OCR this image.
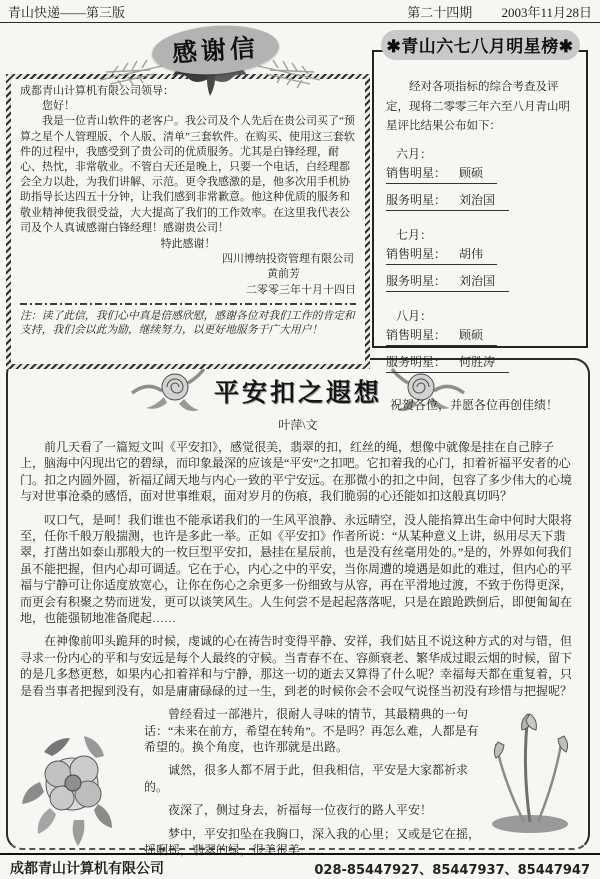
青山快递——第三版	第二十四期 2003年11月28日
感谢信

成都青山计算机有限公司领导：

您好！

我是一位青山软件的老客户。我公司及个人先后在贵公司买了“预算之星个人管理版、个人版、清单”三套软件。在购买、使用这三套软件的过程中，我感受到了贵公司的优质服务。尤其是白锋经理，耐心、热忱，非常敬业。不管白天还是晚上，只要一个电话，白经理都会全力以赴，为我们讲解、示范。更令我感激的是，他多次用手机协助指导长达四五十分钟，让我们感到非常歉意。他这种优质的服务和敬业精神使我很受益，大大提高了我们的工作效率。在这里我代表公司及个人真诚感谢白锋经理！感谢贵公司！

特此感谢！

四川博纳投资管理有限公司

黄前芳

二零零三年十月十四日

注：读了此信，我们心中真是倍感欣慰，感谢各位对我们工作的肯定和支持，我们会以此为励，继续努力，以更好地服务于广大用户！

✱青山六七八月明星榜✱

经对各项指标的综合考查及评定，现将二零零三年六至八月青山明星评比结果公布如下：

六月：
销售明星： 顾硕
服务明星： 刘治国
七月：
销售明星： 胡伟
服务明星： 刘治国
八月：
销售明星： 顾硕
服务明星： 何胜涛

祝贺各位，并愿各位再创佳绩！

平安扣之遐想

叶萍\文

前几天看了一篇短文叫《平安扣》，感觉很美，翡翠的扣，红丝的绳，想像中就像是挂在自己脖子上，脑海中闪现出它的碧绿，而印象最深的应该是“平安”之扣吧。它扣着我的心门，扣着祈福平安者的心门。扣之内圆外圆，祈福辽阔天地与内心一致的平宁安远。在那微小的扣之中间，包容了多少伟大的心境与对世事沧桑的感悟，面对世事维艰，面对岁月的伤痕，我们脆弱的心还能如扣这般真切吗？

叹口气，是呵！我们谁也不能承诺我们的一生风平浪静、永远晴空，没人能掐算出生命中何时大限将至，任你千般万般揣测，也许是多此一举。正如《平安扣》作者所说：“从某种意义上讲，纵用尽天下翡翠，打凿出如泰山那般大的一枚巨型平安扣，悬挂在星辰前，也是没有丝毫用处的。”是的，外界如何我们虽不能把握，但内心却可调适。它在于心，内心之中的平安，当你周遭的境遇是如此的难过，但内心的平福与宁静可让你适度放宽心，让你在伤心之余更多一份细致与从容，再在平滑地过渡，不致于伤得更深，而更会有积聚之势而迸发，更可以谈笑风生。人生何尝不是起起落落呢，只是在踉跄跌倒后，即便匍匐在地，也能强韧地准备爬起……

在神像前叩头跪拜的时候，虔诚的心在祷告时变得平静、安祥，我们姑且不说这种方式的对与错，但寻求一份内心的平和与安远是每个人最终的守候。当青春不在、容颜衰老、繁华成过眼云烟的时候，留下的是几多愁更愁，如果内心扣着祥和与宁静，那这一切的逝去又算得了什么呢？幸福每天都在重复着，只是看当事者把握到没有，如是庸庸碌碌的过一生，到老的时候你会不会叹气说怪当初没有珍惜与把握呢？

曾经看过一部港片，很耐人寻味的情节，其最精典的一句话：“未来在前方，希望在转角”。不是吗？再怎么难，人都是有希望的。换个角度，也许那就是出路。

诚然，很多人都不屑于此，但我相信，平安是大家都祈求的。

夜深了，侧过身去，祈福每一位夜行的路人平安！

梦中，平安扣坠在我胸口，深入我的心里；又或是它在摇，摇啊摇，翡翠的绿，很美很美……

成都青山计算机有限公司	028-85447927、85447937、85447947
